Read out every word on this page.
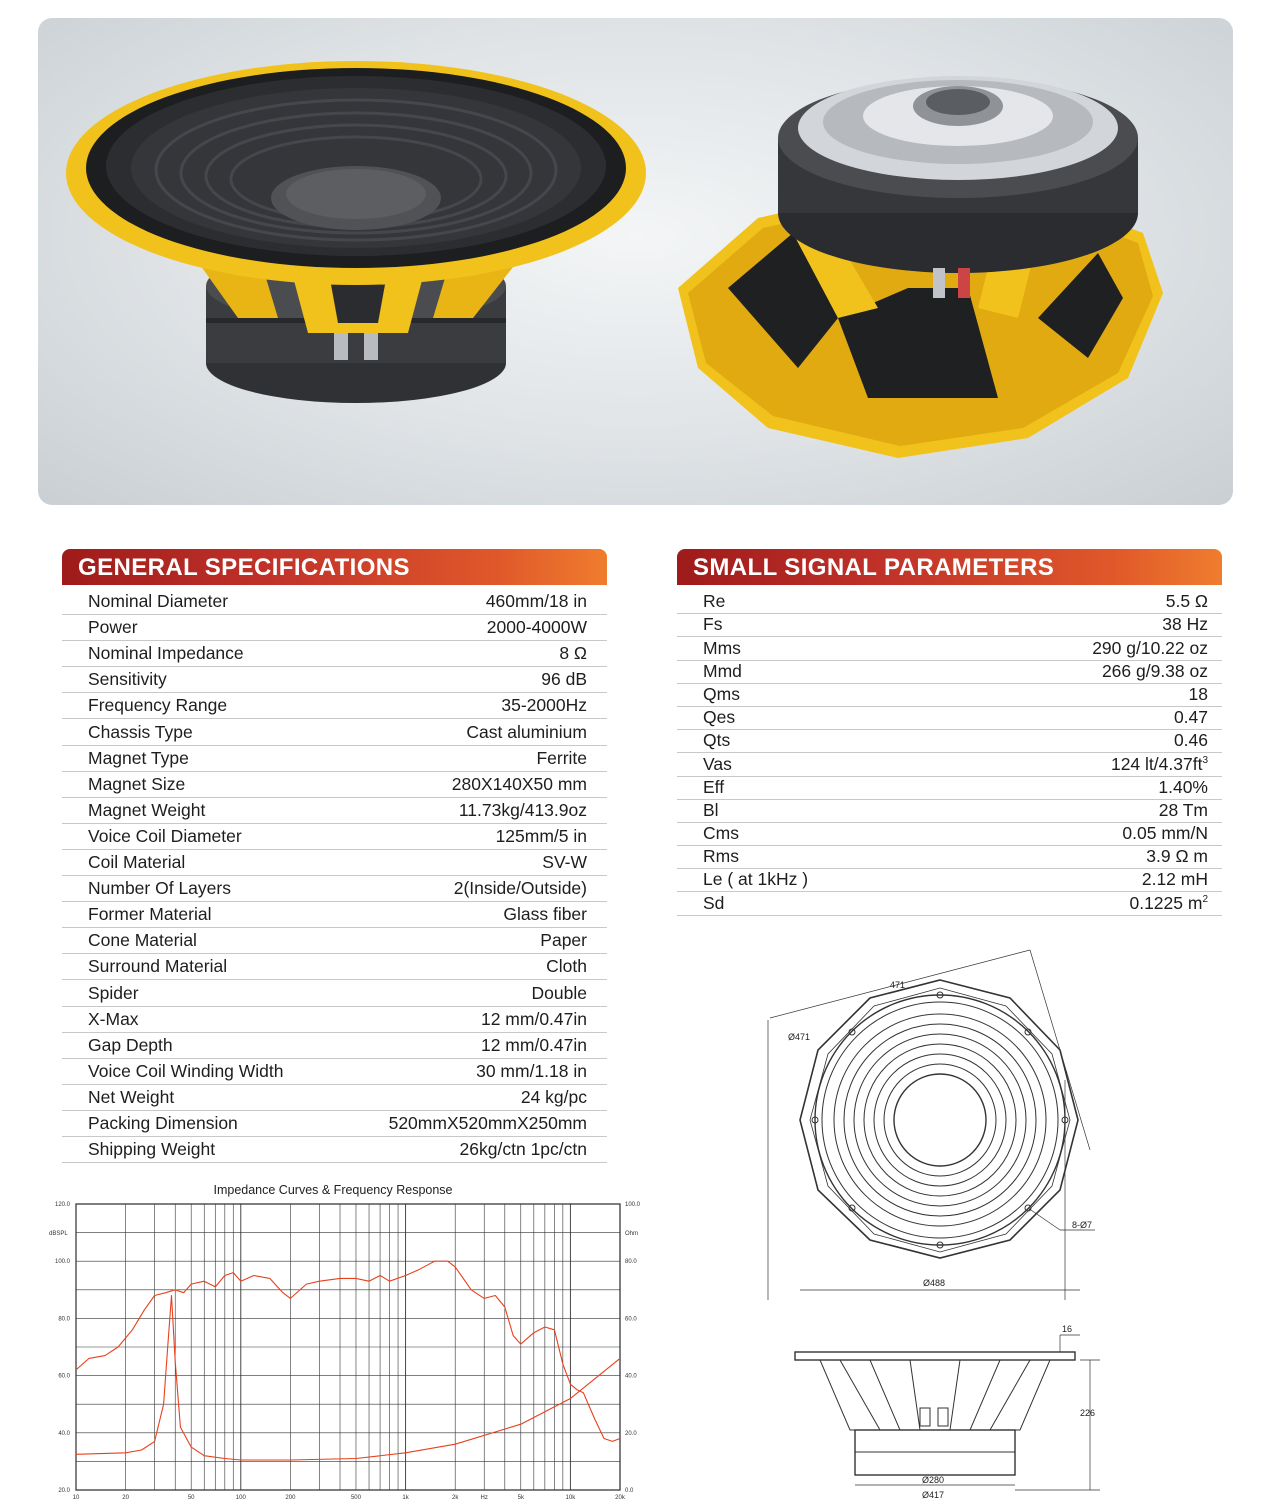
GENERAL SPECIFICATIONS
Nominal Diameter	460mm/18 in
Power	2000-4000W
Nominal Impedance	8 Ω
Sensitivity	96 dB
Frequency Range	35-2000Hz
Chassis Type	Cast aluminium
Magnet Type	Ferrite
Magnet Size	280X140X50 mm
Magnet Weight	11.73kg/413.9oz
Voice Coil Diameter	125mm/5 in
Coil Material	SV-W
Number Of Layers	2(Inside/Outside)
Former Material	Glass fiber
Cone Material	Paper
Surround Material	Cloth
Spider	Double
X-Max	12 mm/0.47in
Gap Depth	12 mm/0.47in
Voice Coil Winding Width	30 mm/1.18 in
Net Weight	24 kg/pc
Packing Dimension	520mmX520mmX250mm
Shipping Weight	26kg/ctn 1pc/ctn
SMALL SIGNAL PARAMETERS
Re	5.5 Ω
Fs	38 Hz
Mms	290 g/10.22 oz
Mmd	266 g/9.38 oz
Qms	18
Qes	0.47
Qts	0.46
Vas	124 $lt/4.37ft^3$
Eff	1.40%
Bl	28 Tm
Cms	0.05 mm/N
Rms	3.9 Ω m
Le ( at 1kHz )	2.12 mH
Sd	0.1225 $m^2$
Impedance Curves & Frequency Response
dBSPL	Ohm
10	20	50	100	200	500	1k	2k	5k	10k	20k
Hz
20.0
40.0
60.0
80.0
100.0
120.0
0.0
20.0
40.0
60.0
80.0
100.0
471
Ø471
Ø488
8-Ø7
16
226
Ø280
Ø417
